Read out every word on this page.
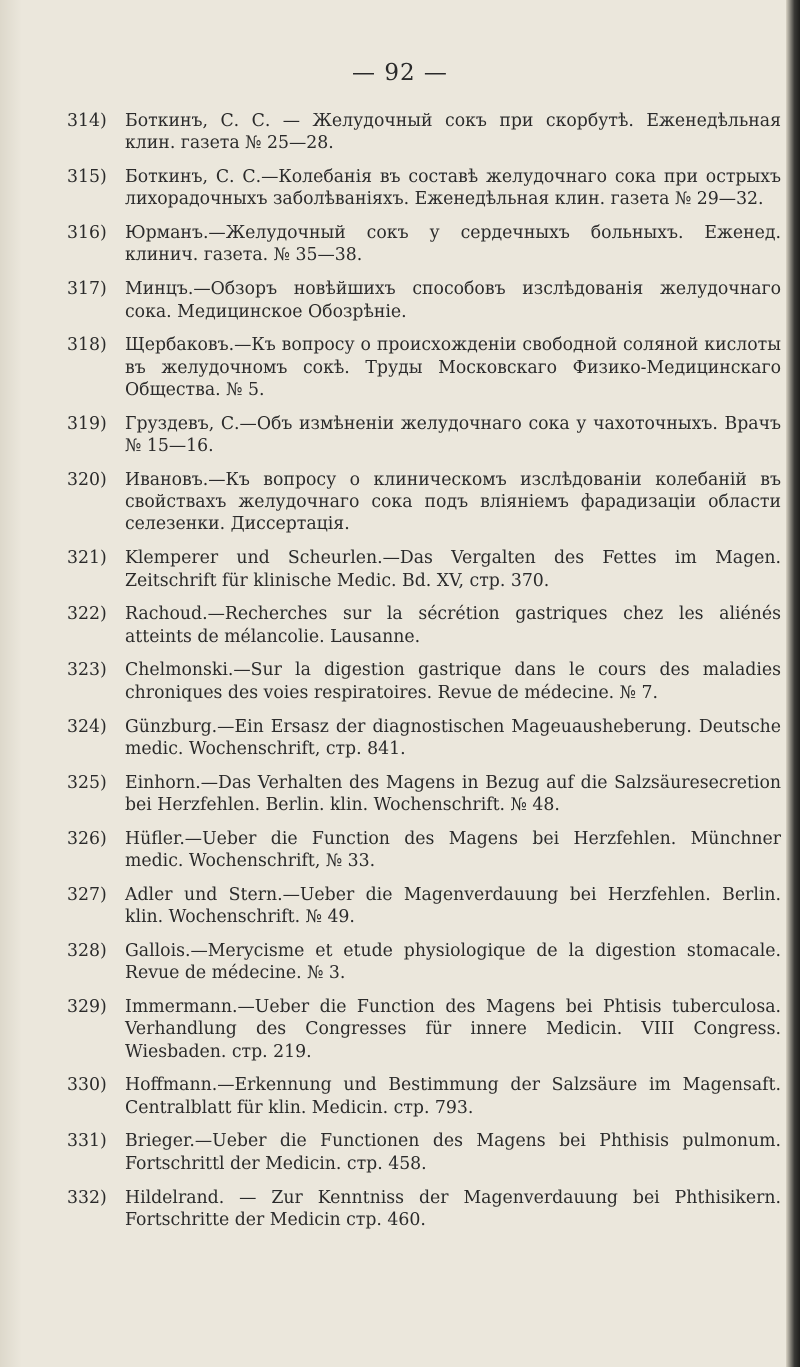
— 92 —
314) Боткинъ, С. С. — Желудочный сокъ при скорбутѣ. Еженедѣльная клин. газета № 25—28.
315) Боткинъ, С. С.—Колебанія въ составѣ желудочнаго сока при острыхъ лихорадочныхъ заболѣваніяхъ. Еженедѣльная клин. газета № 29—32.
316) Юрманъ.—Желудочный сокъ у сердечныхъ больныхъ. Еженед. клинич. газета. № 35—38.
317) Минцъ.—Обзоръ новѣйшихъ способовъ изслѣдованія желудочнаго сока. Медицинское Обозрѣніе.
318) Щербаковъ.—Къ вопросу о происхожденіи свободной соляной кислоты въ желудочномъ сокѣ. Труды Московскаго Физико-Медицинскаго Общества. № 5.
319) Груздевъ, С.—Объ измѣненіи желудочнаго сока у чахоточныхъ. Врачъ № 15—16.
320) Ивановъ.—Къ вопросу о клиническомъ изслѣдованіи колебаній въ свойствахъ желудочнаго сока подъ вліяніемъ фарадизаціи области селезенки. Диссертація.
321) Klemperer und Scheurlen.—Das Vergalten des Fettes im Magen. Zeitschrift für klinische Medic. Bd. XV, стр. 370.
322) Rachoud.—Recherches sur la sécrétion gastriques chez les aliénés atteints de mélancolie. Lausanne.
323) Chelmonski.—Sur la digestion gastrique dans le cours des maladies chroniques des voies respiratoires. Revue de médecine. № 7.
324) Günzburg.—Ein Ersasz der diagnostischen Mageuausheberung. Deutsche medic. Wochenschrift, стр. 841.
325) Einhorn.—Das Verhalten des Magens in Bezug auf die Salzsäuresecretion bei Herzfehlen. Berlin. klin. Wochenschrift. № 48.
326) Hüfler.—Ueber die Function des Magens bei Herzfehlen. Münchner medic. Wochenschrift, № 33.
327) Adler und Stern.—Ueber die Magenverdauung bei Herzfehlen. Berlin. klin. Wochenschrift. № 49.
328) Gallois.—Merycisme et etude physiologique de la digestion stomacale. Revue de médecine. № 3.
329) Immermann.—Ueber die Function des Magens bei Phtisis tuberculosa. Verhandlung des Congresses für innere Medicin. VIII Congress. Wiesbaden. стр. 219.
330) Hoffmann.—Erkennung und Bestimmung der Salzsäure im Magensaft. Centralblatt für klin. Medicin. стр. 793.
331) Brieger.—Ueber die Functionen des Magens bei Phthisis pulmonum. Fortschrittl der Medicin. стр. 458.
332) Hildelrand. — Zur Kenntniss der Magenverdauung bei Phthisikern. Fortschritte der Medicin стр. 460.
